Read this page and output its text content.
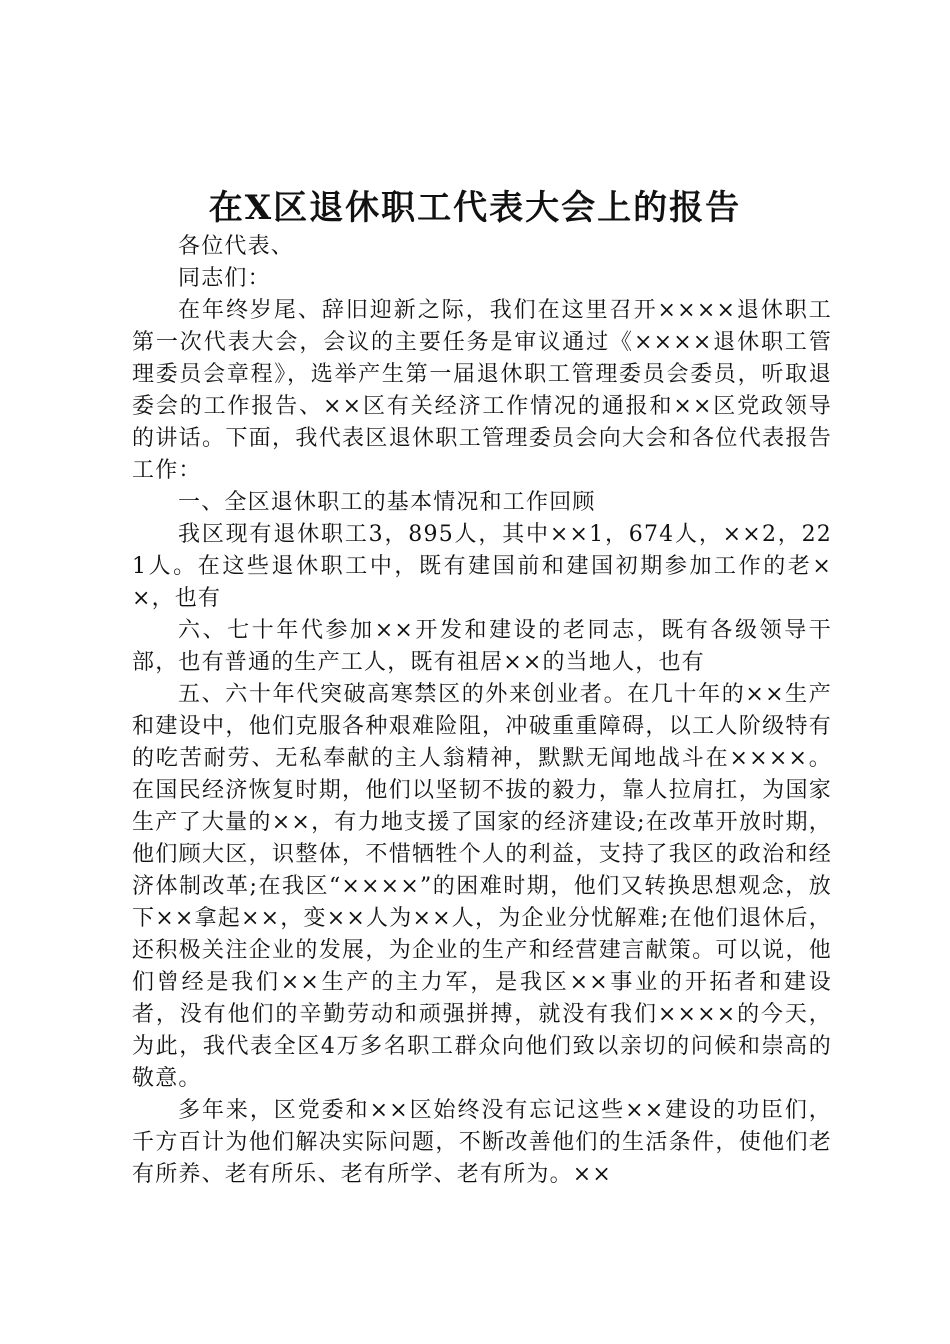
在X区退休职工代表大会上的报告

各位代表、

同志们：

在年终岁尾、辞旧迎新之际，我们在这里召开××××退休职工第一次代表大会，会议的主要任务是审议通过《××××退休职工管理委员会章程》，选举产生第一届退休职工管理委员会委员，听取退委会的工作报告、××区有关经济工作情况的通报和××区党政领导的讲话。下面，我代表区退休职工管理委员会向大会和各位代表报告工作：

一、全区退休职工的基本情况和工作回顾

我区现有退休职工3，895人，其中××1，674人，××2，221人。在这些退休职工中，既有建国前和建国初期参加工作的老××，也有

六、七十年代参加××开发和建设的老同志，既有各级领导干部，也有普通的生产工人，既有祖居××的当地人，也有

五、六十年代突破高寒禁区的外来创业者。在几十年的××生产和建设中，他们克服各种艰难险阻，冲破重重障碍，以工人阶级特有的吃苦耐劳、无私奉献的主人翁精神，默默无闻地战斗在××××。在国民经济恢复时期，他们以坚韧不拔的毅力，靠人拉肩扛，为国家生产了大量的××，有力地支援了国家的经济建设;在改革开放时期，他们顾大区，识整体，不惜牺牲个人的利益，支持了我区的政治和经济体制改革;在我区“××××”的困难时期，他们又转换思想观念，放下××拿起××，变××人为××人，为企业分忧解难;在他们退休后，还积极关注企业的发展，为企业的生产和经营建言献策。可以说，他们曾经是我们××生产的主力军，是我区××事业的开拓者和建设者，没有他们的辛勤劳动和顽强拼搏，就没有我们××××的今天，为此，我代表全区4万多名职工群众向他们致以亲切的问候和崇高的敬意。

多年来，区党委和××区始终没有忘记这些××建设的功臣们，千方百计为他们解决实际问题，不断改善他们的生活条件，使他们老有所养、老有所乐、老有所学、老有所为。××
